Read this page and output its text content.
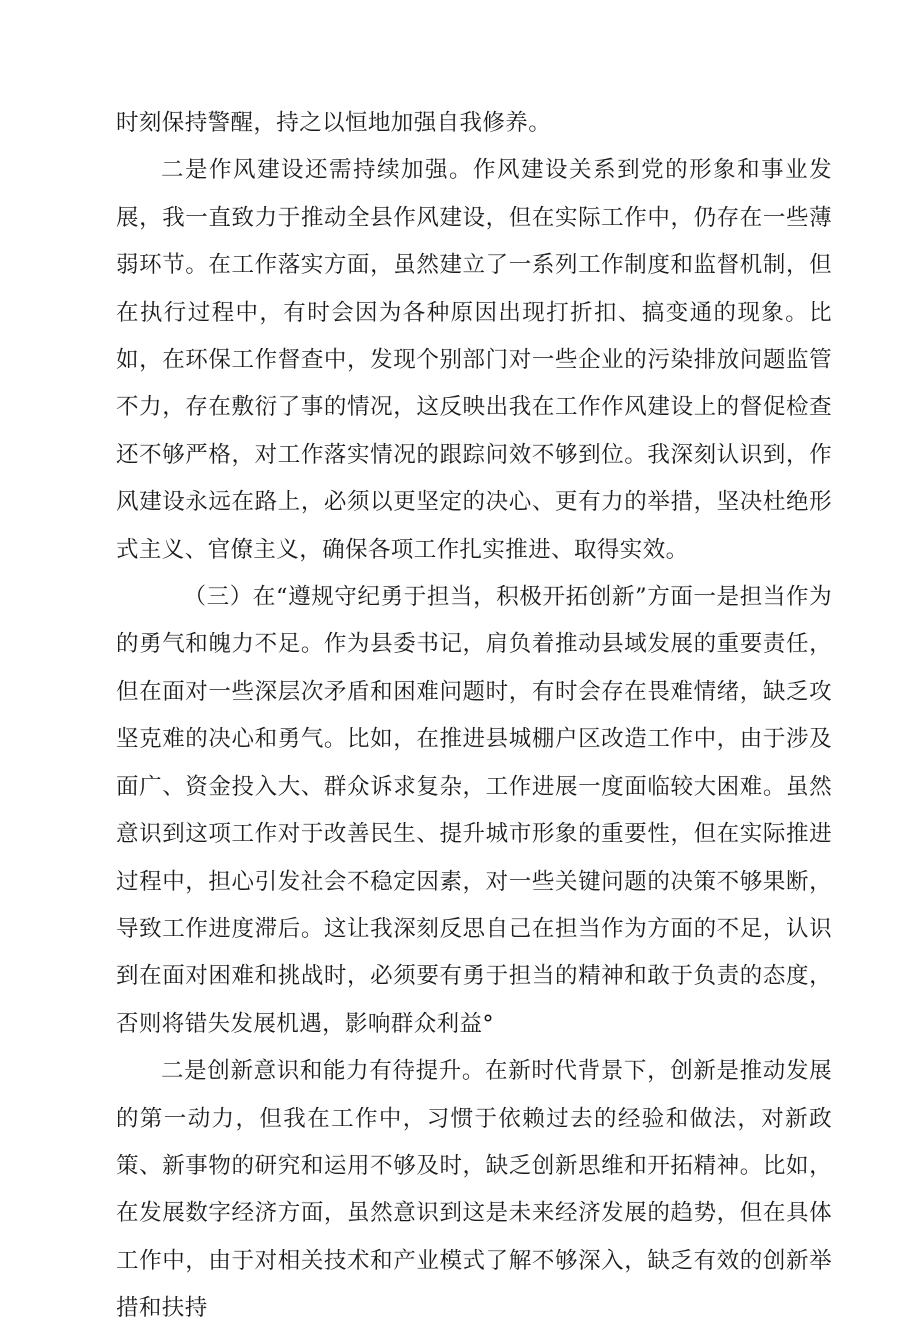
时刻保持警醒，持之以恒地加强自我修养。

二是作风建设还需持续加强。作风建设关系到党的形象和事业发展，我一直致力于推动全县作风建设，但在实际工作中，仍存在一些薄弱环节。在工作落实方面，虽然建立了一系列工作制度和监督机制，但在执行过程中，有时会因为各种原因出现打折扣、搞变通的现象。比如，在环保工作督查中，发现个别部门对一些企业的污染排放问题监管不力，存在敷衍了事的情况，这反映出我在工作作风建设上的督促检查还不够严格，对工作落实情况的跟踪问效不够到位。我深刻认识到，作风建设永远在路上，必须以更坚定的决心、更有力的举措，坚决杜绝形式主义、官僚主义，确保各项工作扎实推进、取得实效。

（三）在“遵规守纪勇于担当，积极开拓创新”方面一是担当作为的勇气和魄力不足。作为县委书记，肩负着推动县域发展的重要责任，但在面对一些深层次矛盾和困难问题时，有时会存在畏难情绪，缺乏攻坚克难的决心和勇气。比如，在推进县城棚户区改造工作中，由于涉及面广、资金投入大、群众诉求复杂，工作进展一度面临较大困难。虽然意识到这项工作对于改善民生、提升城市形象的重要性，但在实际推进过程中，担心引发社会不稳定因素，对一些关键问题的决策不够果断，导致工作进度滞后。这让我深刻反思自己在担当作为方面的不足，认识到在面对困难和挑战时，必须要有勇于担当的精神和敢于负责的态度，否则将错失发展机遇，影响群众利益°

二是创新意识和能力有待提升。在新时代背景下，创新是推动发展的第一动力，但我在工作中，习惯于依赖过去的经验和做法，对新政策、新事物的研究和运用不够及时，缺乏创新思维和开拓精神。比如，在发展数字经济方面，虽然意识到这是未来经济发展的趋势，但在具体工作中，由于对相关技术和产业模式了解不够深入，缺乏有效的创新举措和扶持
